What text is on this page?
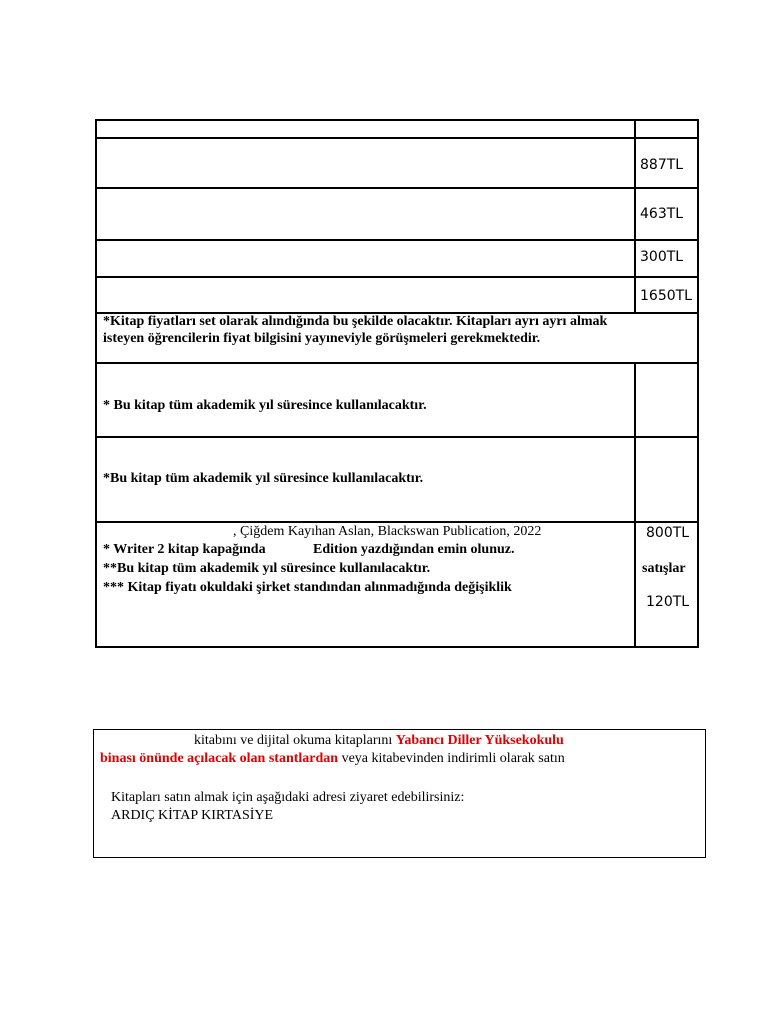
887TL
463TL
300TL
1650TL
*Kitap fiyatları set olarak alındığında bu şekilde olacaktır. Kitapları ayrı ayrı almak
isteyen öğrencilerin fiyat bilgisini yayıneviyle görüşmeleri gerekmektedir.
* Bu kitap tüm akademik yıl süresince kullanılacaktır.
*Bu kitap tüm akademik yıl süresince kullanılacaktır.
, Çiğdem Kayıhan Aslan, Blackswan Publication, 2022
* Writer 2 kitap kapağında	Edition yazdığından emin olunuz.
**Bu kitap tüm akademik yıl süresince kullanılacaktır.
*** Kitap fiyatı okuldaki şirket standından alınmadığında değişiklik
800TL
satışlar
120TL
kitabını ve dijital okuma kitaplarını Yabancı Diller Yüksekokulu
binası önünde açılacak olan stantlardan veya kitabevinden indirimli olarak satın
Kitapları satın almak için aşağıdaki adresi ziyaret edebilirsiniz:
ARDIÇ KİTAP KIRTASİYE
